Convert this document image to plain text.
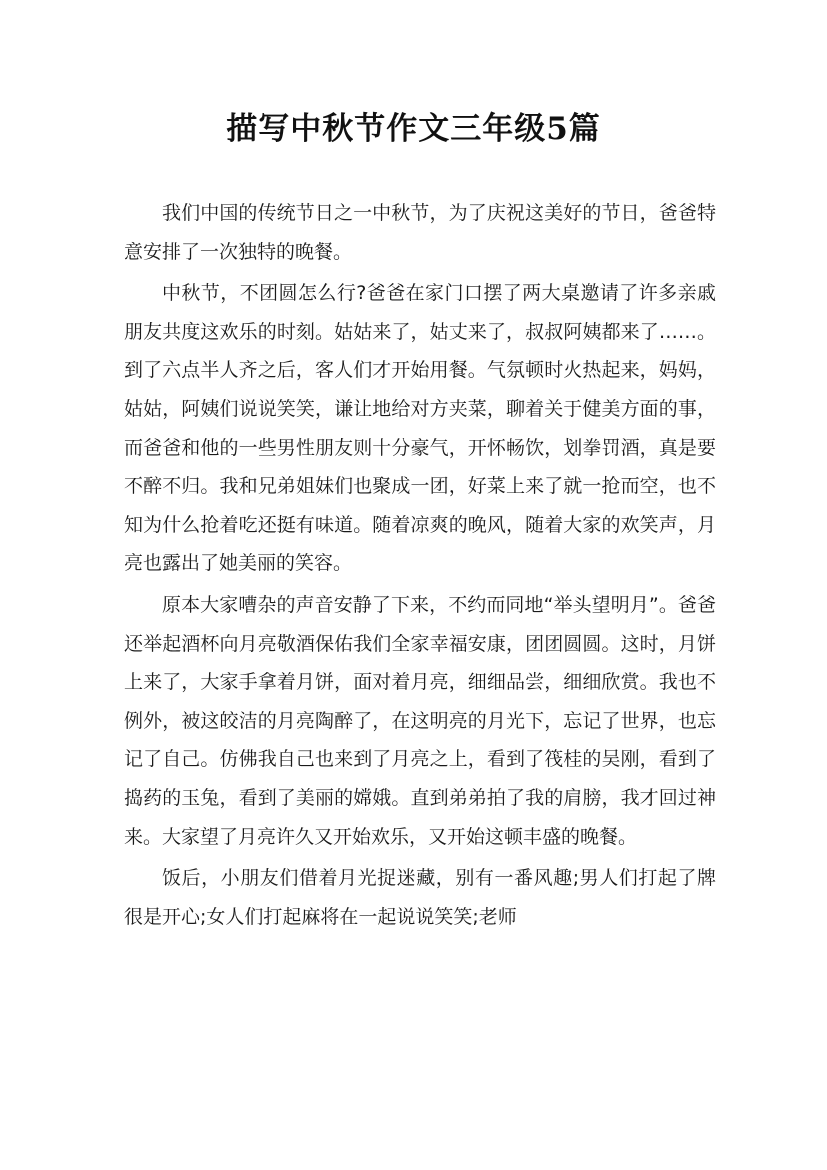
描写中秋节作文三年级5篇

我们中国的传统节日之一中秋节，为了庆祝这美好的节日，爸爸特意安排了一次独特的晚餐。

中秋节，不团圆怎么行?爸爸在家门口摆了两大桌邀请了许多亲戚朋友共度这欢乐的时刻。姑姑来了，姑丈来了，叔叔阿姨都来了……。到了六点半人齐之后，客人们才开始用餐。气氛顿时火热起来，妈妈，姑姑，阿姨们说说笑笑，谦让地给对方夹菜，聊着关于健美方面的事，而爸爸和他的一些男性朋友则十分豪气，开怀畅饮，划拳罚酒，真是要不醉不归。我和兄弟姐妹们也聚成一团，好菜上来了就一抢而空，也不知为什么抢着吃还挺有味道。随着凉爽的晚风，随着大家的欢笑声，月亮也露出了她美丽的笑容。

原本大家嘈杂的声音安静了下来，不约而同地“举头望明月”。爸爸还举起酒杯向月亮敬酒保佑我们全家幸福安康，团团圆圆。这时，月饼上来了，大家手拿着月饼，面对着月亮，细细品尝，细细欣赏。我也不例外，被这皎洁的月亮陶醉了，在这明亮的月光下，忘记了世界，也忘记了自己。仿佛我自己也来到了月亮之上，看到了筏桂的吴刚，看到了捣药的玉兔，看到了美丽的嫦娥。直到弟弟拍了我的肩膀，我才回过神来。大家望了月亮许久又开始欢乐，又开始这顿丰盛的晚餐。

饭后，小朋友们借着月光捉迷藏，别有一番风趣;男人们打起了牌很是开心;女人们打起麻将在一起说说笑笑;老师
